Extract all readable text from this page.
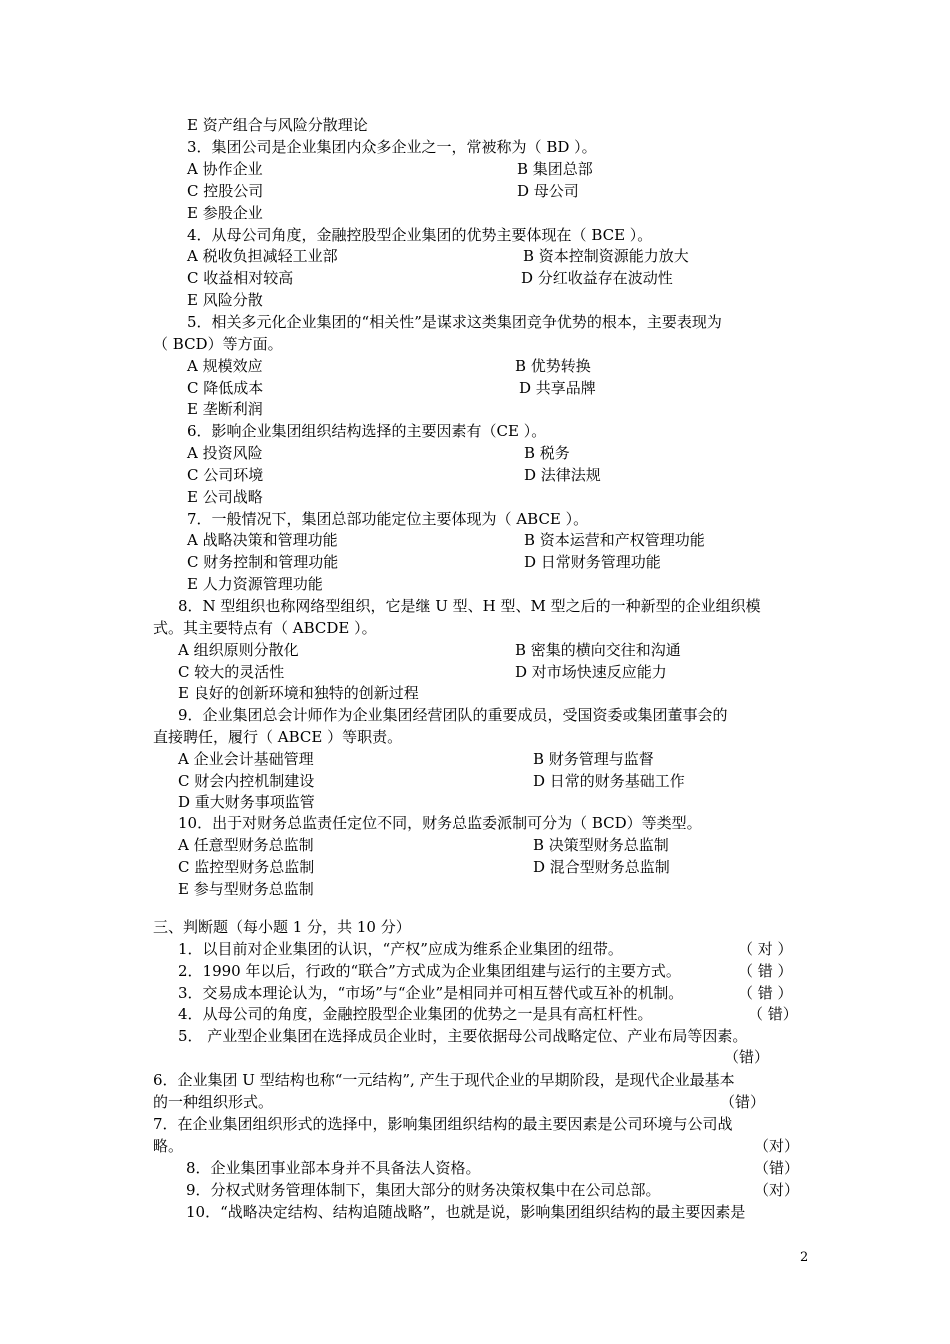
E 资产组合与风险分散理论
3．集团公司是企业集团内众多企业之一，常被称为（ BD ）。
A 协作企业	B 集团总部
C 控股公司	D 母公司
E 参股企业
4．从母公司角度，金融控股型企业集团的优势主要体现在（ BCE ）。
A 税收负担减轻工业部	B 资本控制资源能力放大
C 收益相对较高	D 分红收益存在波动性
E 风险分散
5．相关多元化企业集团的“相关性”是谋求这类集团竞争优势的根本，主要表现为
（ BCD）等方面。
A 规模效应	B 优势转换
C 降低成本	D 共享品牌
E 垄断利润
6．影响企业集团组织结构选择的主要因素有（CE ）。
A 投资风险	B 税务
C 公司环境	D 法律法规
E 公司战略
7．一般情况下，集团总部功能定位主要体现为（ ABCE ）。
A 战略决策和管理功能	B 资本运营和产权管理功能
C 财务控制和管理功能	D 日常财务管理功能
E 人力资源管理功能
8．N 型组织也称网络型组织，它是继 U 型、H 型、M 型之后的一种新型的企业组织模
式。其主要特点有（ ABCDE ）。
A 组织原则分散化	B 密集的横向交往和沟通
C 较大的灵活性	D 对市场快速反应能力
E 良好的创新环境和独特的创新过程
9．企业集团总会计师作为企业集团经营团队的重要成员，受国资委或集团董事会的
直接聘任，履行（ ABCE ）等职责。
A 企业会计基础管理	B 财务管理与监督
C 财会内控机制建设	D 日常的财务基础工作
D 重大财务事项监管
10．出于对财务总监责任定位不同，财务总监委派制可分为（ BCD）等类型。
A 任意型财务总监制	B 决策型财务总监制
C 监控型财务总监制	D 混合型财务总监制
E 参与型财务总监制
三、判断题（每小题 1 分，共 10 分）
1．以目前对企业集团的认识，“产权”应成为维系企业集团的纽带。	（ 对 ）
2．1990 年以后，行政的“联合”方式成为企业集团组建与运行的主要方式。	（ 错 ）
3．交易成本理论认为，“市场”与“企业”是相同并可相互替代或互补的机制。	（ 错 ）
4．从母公司的角度，金融控股型企业集团的优势之一是具有高杠杆性。	（ 错）
5． 产业型企业集团在选择成员企业时，主要依据母公司战略定位、产业布局等因素。
（错）
6．企业集团 U 型结构也称“一元结构”, 产生于现代企业的早期阶段，是现代企业最基本
的一种组织形式。	（错）
7．在企业集团组织形式的选择中，影响集团组织结构的最主要因素是公司环境与公司战
略。	（对）
8．企业集团事业部本身并不具备法人资格。	（错）
9．分权式财务管理体制下，集团大部分的财务决策权集中在公司总部。	（对）
10．“战略决定结构、结构追随战略”，也就是说，影响集团组织结构的最主要因素是
2
